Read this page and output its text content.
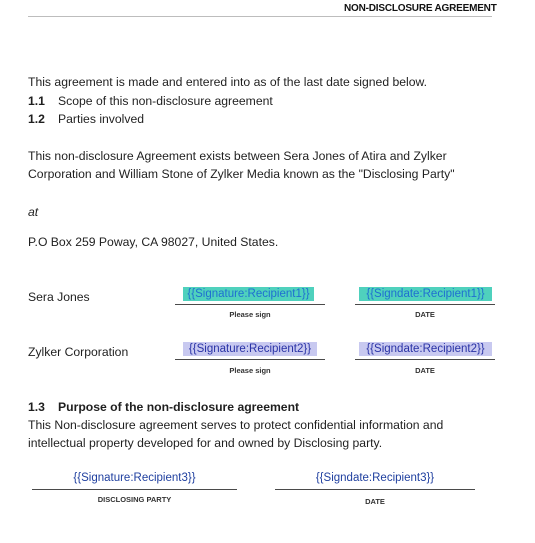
NON-DISCLOSURE AGREEMENT
This agreement is made and entered into as of the last date signed below.
1.1 Scope of this non-disclosure agreement
1.2 Parties involved
This non-disclosure Agreement exists between Sera Jones of Atira and Zylker
Corporation and William Stone of Zylker Media known as the "Disclosing Party"
at
P.O Box 259 Poway, CA 98027, United States.
Sera Jones	{{Signature:Recipient1}}
Please sign
{{Signdate:Recipient1}}
DATE
Zylker Corporation	{{Signature:Recipient2}}
Please sign
{{Signdate:Recipient2}}
DATE
1.3 Purpose of the non-disclosure agreement
This Non-disclosure agreement serves to protect confidential information and
intellectual property developed for and owned by Disclosing party.
{{Signature:Recipient3}}
DISCLOSING PARTY
{{Signdate:Recipient3}}
DATE
